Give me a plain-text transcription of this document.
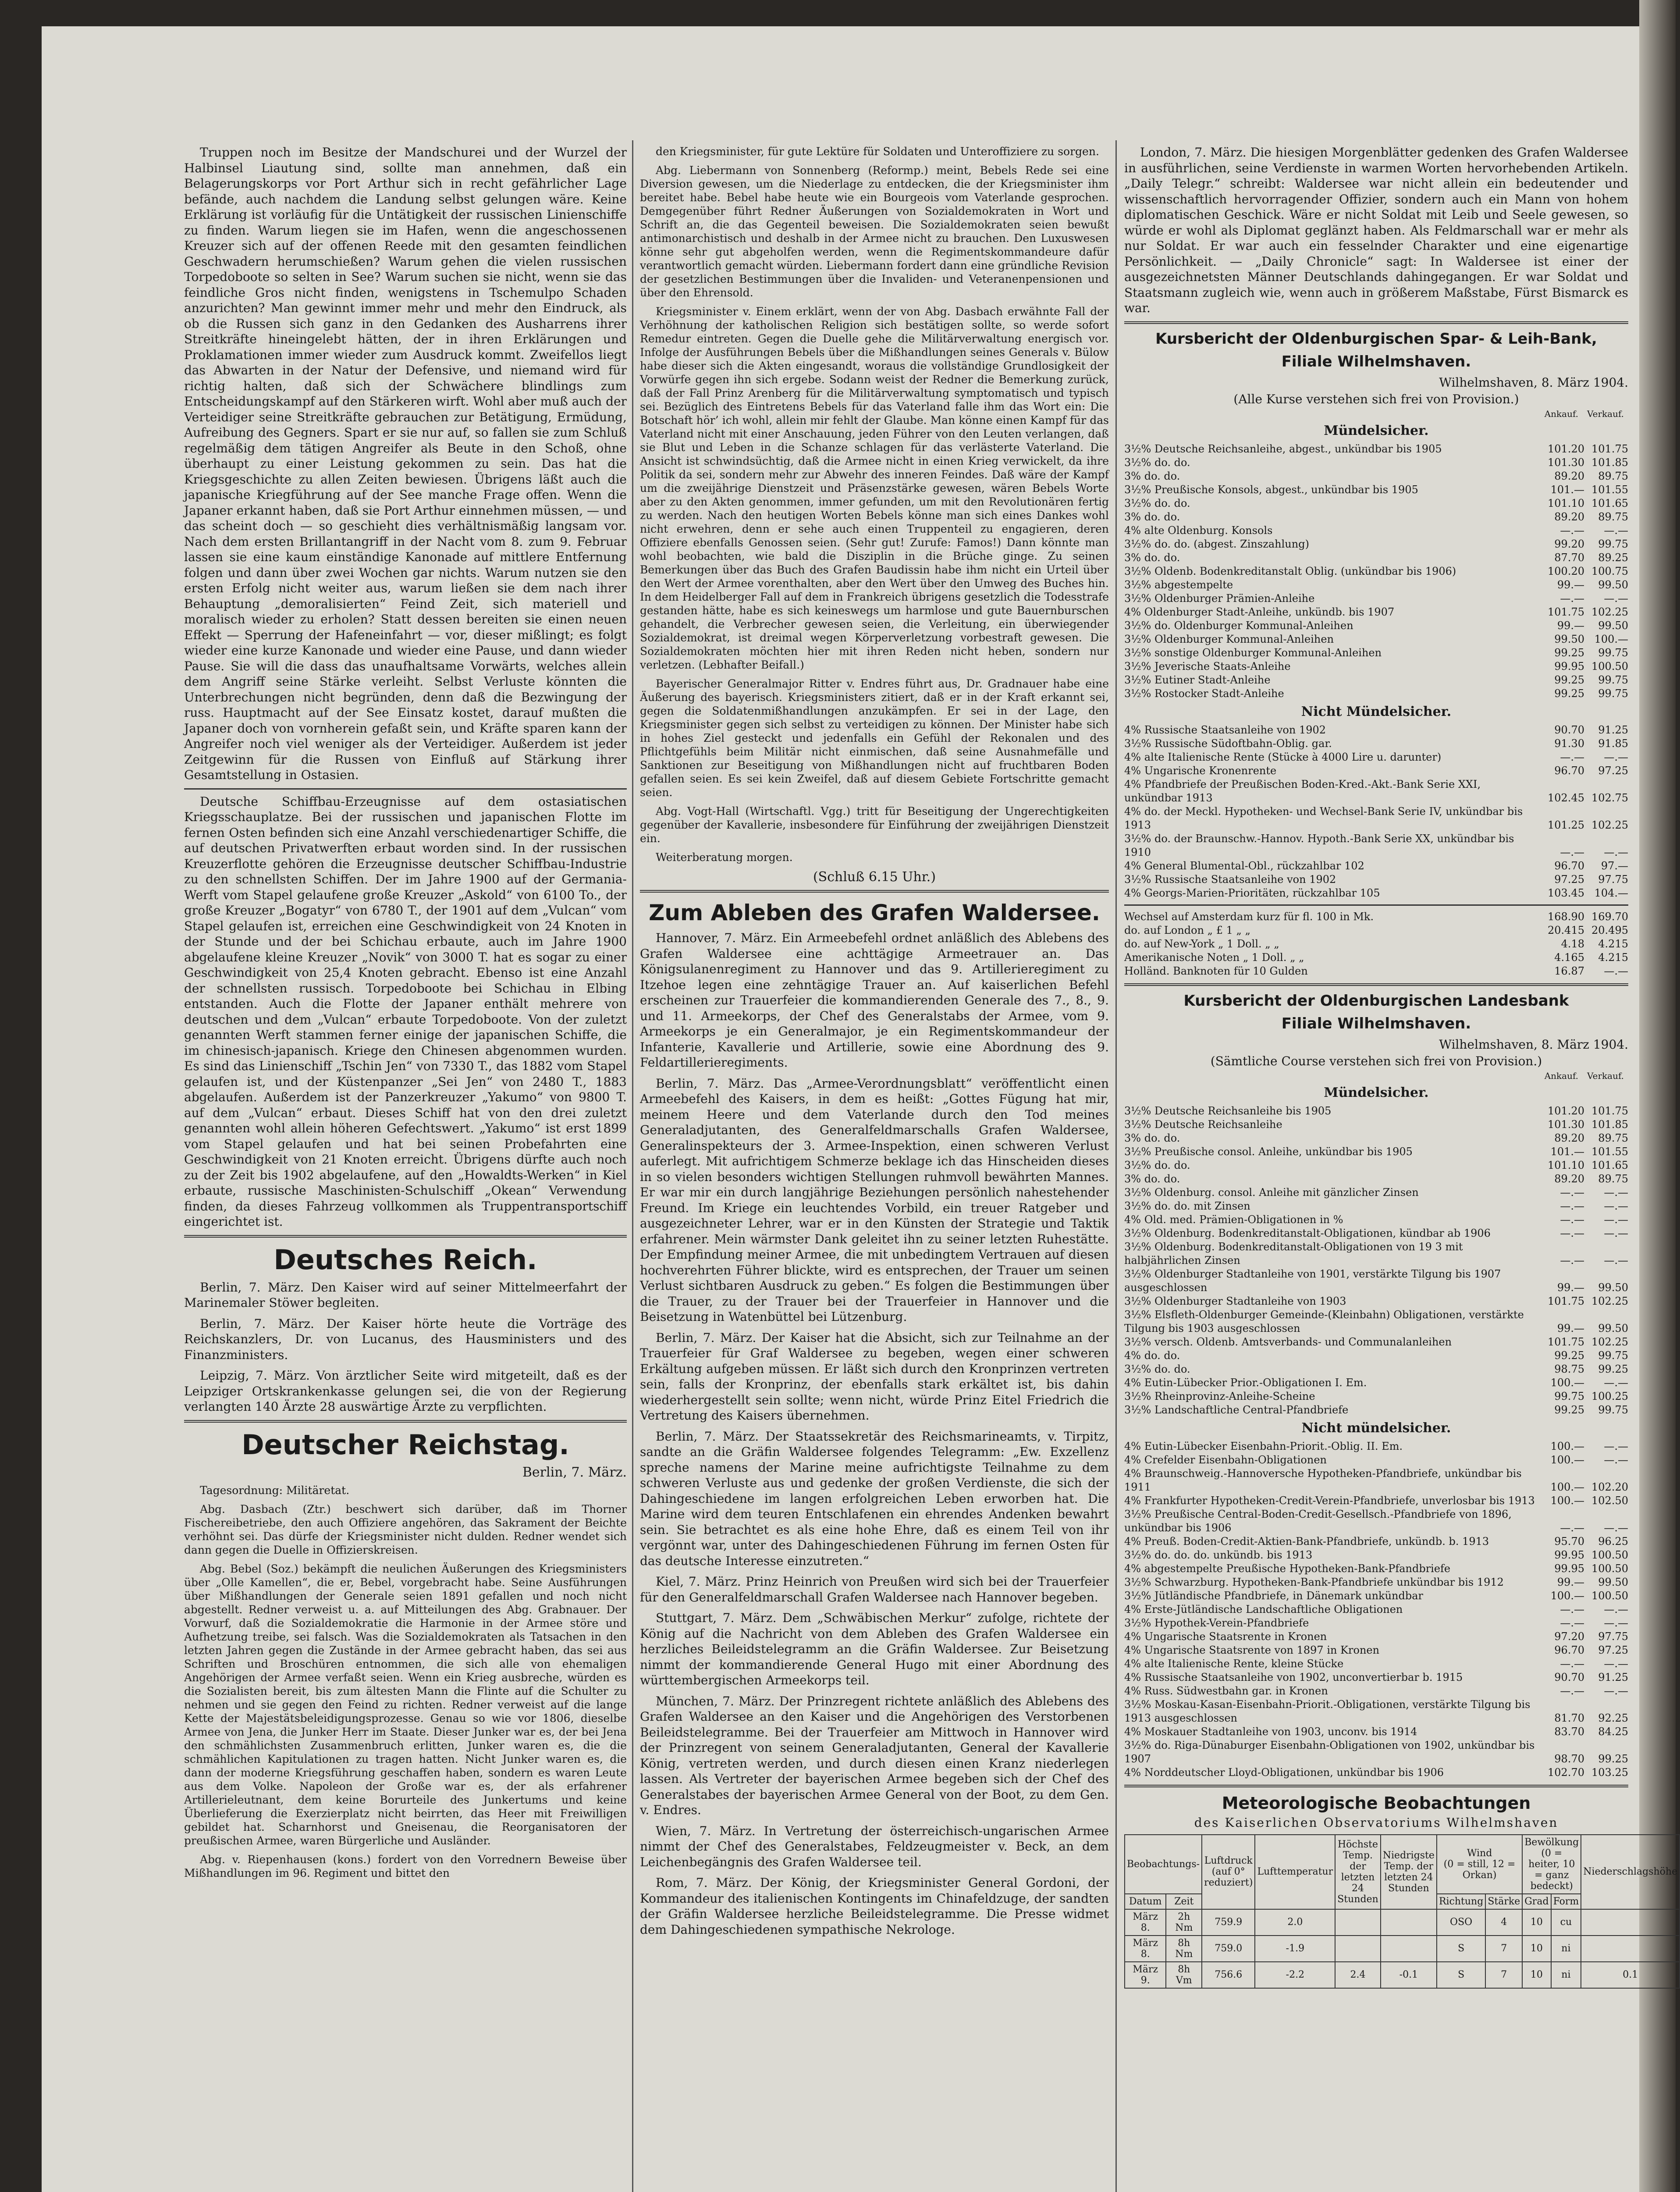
Truppen noch im Besitze der Mandschurei und der Wurzel der Halbinsel Liautung sind, sollte man annehmen, daß ein Belagerungskorps vor Port Arthur sich in recht gefährlicher Lage befände, auch nachdem die Landung selbst gelungen wäre. Keine Erklärung ist vorläufig für die Untätigkeit der russischen Linienschiffe zu finden. Warum liegen sie im Hafen, wenn die angeschossenen Kreuzer sich auf der offenen Reede mit den gesamten feindlichen Geschwadern herumschießen? Warum gehen die vielen russischen Torpedoboote so selten in See? Warum suchen sie nicht, wenn sie das feindliche Gros nicht finden, wenigstens in Tschemulpo Schaden anzurichten? Man gewinnt immer mehr und mehr den Eindruck, als ob die Russen sich ganz in den Gedanken des Ausharrens ihrer Streitkräfte hineingelebt hätten, der in ihren Erklärungen und Proklamationen immer wieder zum Ausdruck kommt. Zweifellos liegt das Abwarten in der Natur der Defensive, und niemand wird für richtig halten, daß sich der Schwächere blindlings zum Entscheidungskampf auf den Stärkeren wirft. Wohl aber muß auch der Verteidiger seine Streitkräfte gebrauchen zur Betätigung, Ermüdung, Aufreibung des Gegners. Spart er sie nur auf, so fallen sie zum Schluß regelmäßig dem tätigen Angreifer als Beute in den Schoß, ohne überhaupt zu einer Leistung gekommen zu sein. Das hat die Kriegsgeschichte zu allen Zeiten bewiesen. Übrigens läßt auch die japanische Kriegführung auf der See manche Frage offen. Wenn die Japaner erkannt haben, daß sie Port Arthur einnehmen müssen, — und das scheint doch — so geschieht dies verhältnismäßig langsam vor. Nach dem ersten Brillantangriff in der Nacht vom 8. zum 9. Februar lassen sie eine kaum einständige Kanonade auf mittlere Entfernung folgen und dann über zwei Wochen gar nichts. Warum nutzen sie den ersten Erfolg nicht weiter aus, warum ließen sie dem nach ihrer Behauptung „demoralisierten“ Feind Zeit, sich materiell und moralisch wieder zu erholen? Statt dessen bereiten sie einen neuen Effekt — Sperrung der Hafeneinfahrt — vor, dieser mißlingt; es folgt wieder eine kurze Kanonade und wieder eine Pause, und dann wieder Pause. Sie will die dass das unaufhaltsame Vorwärts, welches allein dem Angriff seine Stärke verleiht. Selbst Verluste könnten die Unterbrechungen nicht begründen, denn daß die Bezwingung der russ. Hauptmacht auf der See Einsatz kostet, darauf mußten die Japaner doch von vornherein gefaßt sein, und Kräfte sparen kann der Angreifer noch viel weniger als der Verteidiger. Außerdem ist jeder Zeitgewinn für die Russen von Einfluß auf Stärkung ihrer Gesamtstellung in Ostasien.

Deutsche Schiffbau-Erzeugnisse auf dem ostasiatischen Kriegsschauplatze. Bei der russischen und japanischen Flotte im fernen Osten befinden sich eine Anzahl verschiedenartiger Schiffe, die auf deutschen Privatwerften erbaut worden sind. In der russischen Kreuzerflotte gehören die Erzeugnisse deutscher Schiffbau-Industrie zu den schnellsten Schiffen. Der im Jahre 1900 auf der Germania-Werft vom Stapel gelaufene große Kreuzer „Askold“ von 6100 To., der große Kreuzer „Bogatyr“ von 6780 T., der 1901 auf dem „Vulcan“ vom Stapel gelaufen ist, erreichen eine Geschwindigkeit von 24 Knoten in der Stunde und der bei Schichau erbaute, auch im Jahre 1900 abgelaufene kleine Kreuzer „Novik“ von 3000 T. hat es sogar zu einer Geschwindigkeit von 25,4 Knoten gebracht. Ebenso ist eine Anzahl der schnellsten russisch. Torpedoboote bei Schichau in Elbing entstanden. Auch die Flotte der Japaner enthält mehrere von deutschen und dem „Vulcan“ erbaute Torpedoboote. Von der zuletzt genannten Werft stammen ferner einige der japanischen Schiffe, die im chinesisch-japanisch. Kriege den Chinesen abgenommen wurden. Es sind das Linienschiff „Tschin Jen“ von 7330 T., das 1882 vom Stapel gelaufen ist, und der Küstenpanzer „Sei Jen“ von 2480 T., 1883 abgelaufen. Außerdem ist der Panzerkreuzer „Yakumo“ von 9800 T. auf dem „Vulcan“ erbaut. Dieses Schiff hat von den drei zuletzt genannten wohl allein höheren Gefechtswert. „Yakumo“ ist erst 1899 vom Stapel gelaufen und hat bei seinen Probefahrten eine Geschwindigkeit von 21 Knoten erreicht. Übrigens dürfte auch noch zu der Zeit bis 1902 abgelaufene, auf den „Howaldts-Werken“ in Kiel erbaute, russische Maschinisten-Schulschiff „Okean“ Verwendung finden, da dieses Fahrzeug vollkommen als Truppentransportschiff eingerichtet ist.

Deutsches Reich.

Berlin, 7. März. Den Kaiser wird auf seiner Mittelmeerfahrt der Marinemaler Stöwer begleiten.

Berlin, 7. März. Der Kaiser hörte heute die Vorträge des Reichskanzlers, Dr. von Lucanus, des Hausministers und des Finanzministers.

Leipzig, 7. März. Von ärztlicher Seite wird mitgeteilt, daß es der Leipziger Ortskrankenkasse gelungen sei, die von der Regierung verlangten 140 Ärzte 28 auswärtige Ärzte zu verpflichten.

Deutscher Reichstag.
Berlin, 7. März.

Tagesordnung: Militäretat.

Abg. Dasbach (Ztr.) beschwert sich darüber, daß im Thorner Fischereibetriebe, den auch Offiziere angehören, das Sakrament der Beichte verhöhnt sei. Das dürfe der Kriegsminister nicht dulden. Redner wendet sich dann gegen die Duelle in Offizierskreisen.

Abg. Bebel (Soz.) bekämpft die neulichen Äußerungen des Kriegsministers über „Olle Kamellen“, die er, Bebel, vorgebracht habe. Seine Ausführungen über Mißhandlungen der Generale seien 1891 gefallen und noch nicht abgestellt. Redner verweist u. a. auf Mitteilungen des Abg. Grabnauer. Der Vorwurf, daß die Sozialdemokratie die Harmonie in der Armee störe und Aufhetzung treibe, sei falsch. Was die Sozialdemokraten als Tatsachen in den letzten Jahren gegen die Zustände in der Armee gebracht haben, das sei aus Schriften und Broschüren entnommen, die sich alle von ehemaligen Angehörigen der Armee verfaßt seien. Wenn ein Krieg ausbreche, würden es die Sozialisten bereit, bis zum ältesten Mann die Flinte auf die Schulter zu nehmen und sie gegen den Feind zu richten. Redner verweist auf die lange Kette der Majestätsbeleidigungsprozesse. Genau so wie vor 1806, dieselbe Armee von Jena, die Junker Herr im Staate. Dieser Junker war es, der bei Jena den schmählichsten Zusammenbruch erlitten, Junker waren es, die die schmählichen Kapitulationen zu tragen hatten. Nicht Junker waren es, die dann der moderne Kriegsführung geschaffen haben, sondern es waren Leute aus dem Volke. Napoleon der Große war es, der als erfahrener Artillerieleutnant, dem keine Borurteile des Junkertums und keine Überlieferung die Exerzierplatz nicht beirrten, das Heer mit Freiwilligen gebildet hat. Scharnhorst und Gneisenau, die Reorganisatoren der preußischen Armee, waren Bürgerliche und Ausländer.

Abg. v. Riepenhausen (kons.) fordert von den Vorrednern Beweise über Mißhandlungen im 96. Regiment und bittet den

den Kriegsminister, für gute Lektüre für Soldaten und Unteroffiziere zu sorgen.

Abg. Liebermann von Sonnenberg (Reformp.) meint, Bebels Rede sei eine Diversion gewesen, um die Niederlage zu entdecken, die der Kriegsminister ihm bereitet habe. Bebel habe heute wie ein Bourgeois vom Vaterlande gesprochen. Demgegenüber führt Redner Äußerungen von Sozialdemokraten in Wort und Schrift an, die das Gegenteil beweisen. Die Sozialdemokraten seien bewußt antimonarchistisch und deshalb in der Armee nicht zu brauchen. Den Luxuswesen könne sehr gut abgeholfen werden, wenn die Regimentskommandeure dafür verantwortlich gemacht würden. Liebermann fordert dann eine gründliche Revision der gesetzlichen Bestimmungen über die Invaliden- und Veteranenpensionen und über den Ehrensold.

Kriegsminister v. Einem erklärt, wenn der von Abg. Dasbach erwähnte Fall der Verhöhnung der katholischen Religion sich bestätigen sollte, so werde sofort Remedur eintreten. Gegen die Duelle gehe die Militärverwaltung energisch vor. Infolge der Ausführungen Bebels über die Mißhandlungen seines Generals v. Bülow habe dieser sich die Akten eingesandt, woraus die vollständige Grundlosigkeit der Vorwürfe gegen ihn sich ergebe. Sodann weist der Redner die Bemerkung zurück, daß der Fall Prinz Arenberg für die Militärverwaltung symptomatisch und typisch sei. Bezüglich des Eintretens Bebels für das Vaterland falle ihm das Wort ein: Die Botschaft hör’ ich wohl, allein mir fehlt der Glaube. Man könne einen Kampf für das Vaterland nicht mit einer Anschauung, jeden Führer von den Leuten verlangen, daß sie Blut und Leben in die Schanze schlagen für das verlästerte Vaterland. Die Ansicht ist schwindsüchtig, daß die Armee nicht in einen Krieg verwickelt, da ihre Politik da sei, sondern mehr zur Abwehr des inneren Feindes. Daß wäre der Kampf um die zweijährige Dienstzeit und Präsenzstärke gewesen, wären Bebels Worte aber zu den Akten genommen, immer gefunden, um mit den Revolutionären fertig zu werden. Nach den heutigen Worten Bebels könne man sich eines Dankes wohl nicht erwehren, denn er sehe auch einen Truppenteil zu engagieren, deren Offiziere ebenfalls Genossen seien. (Sehr gut! Zurufe: Famos!) Dann könnte man wohl beobachten, wie bald die Disziplin in die Brüche ginge. Zu seinen Bemerkungen über das Buch des Grafen Baudissin habe ihm nicht ein Urteil über den Wert der Armee vorenthalten, aber den Wert über den Umweg des Buches hin. In dem Heidelberger Fall auf dem in Frankreich übrigens gesetzlich die Todesstrafe gestanden hätte, habe es sich keineswegs um harmlose und gute Bauernburschen gehandelt, die Verbrecher gewesen seien, die Verleitung, ein überwiegender Sozialdemokrat, ist dreimal wegen Körperverletzung vorbestraft gewesen. Die Sozialdemokraten möchten hier mit ihren Reden nicht heben, sondern nur verletzen. (Lebhafter Beifall.)

Bayerischer Generalmajor Ritter v. Endres führt aus, Dr. Gradnauer habe eine Äußerung des bayerisch. Kriegsministers zitiert, daß er in der Kraft erkannt sei, gegen die Soldatenmißhandlungen anzukämpfen. Er sei in der Lage, den Kriegsminister gegen sich selbst zu verteidigen zu können. Der Minister habe sich in hohes Ziel gesteckt und jedenfalls ein Gefühl der Rekonalen und des Pflichtgefühls beim Militär nicht einmischen, daß seine Ausnahmefälle und Sanktionen zur Beseitigung von Mißhandlungen nicht auf fruchtbaren Boden gefallen seien. Es sei kein Zweifel, daß auf diesem Gebiete Fortschritte gemacht seien.

Abg. Vogt-Hall (Wirtschaftl. Vgg.) tritt für Beseitigung der Ungerechtigkeiten gegenüber der Kavallerie, insbesondere für Einführung der zweijährigen Dienstzeit ein.

Weiterberatung morgen.

(Schluß 6.15 Uhr.)
Zum Ableben des Grafen Waldersee.

Hannover, 7. März. Ein Armeebefehl ordnet anläßlich des Ablebens des Grafen Waldersee eine achttägige Armeetrauer an. Das Königsulanenregiment zu Hannover und das 9. Artillerieregiment zu Itzehoe legen eine zehntägige Trauer an. Auf kaiserlichen Befehl erscheinen zur Trauerfeier die kommandierenden Generale des 7., 8., 9. und 11. Armeekorps, der Chef des Generalstabs der Armee, vom 9. Armeekorps je ein Generalmajor, je ein Regimentskommandeur der Infanterie, Kavallerie und Artillerie, sowie eine Abordnung des 9. Feldartillerieregiments.

Berlin, 7. März. Das „Armee-Verordnungsblatt“ veröffentlicht einen Armeebefehl des Kaisers, in dem es heißt: „Gottes Fügung hat mir, meinem Heere und dem Vaterlande durch den Tod meines Generaladjutanten, des Generalfeldmarschalls Grafen Waldersee, Generalinspekteurs der 3. Armee-Inspektion, einen schweren Verlust auferlegt. Mit aufrichtigem Schmerze beklage ich das Hinscheiden dieses in so vielen besonders wichtigen Stellungen ruhmvoll bewährten Mannes. Er war mir ein durch langjährige Beziehungen persönlich nahestehender Freund. Im Kriege ein leuchtendes Vorbild, ein treuer Ratgeber und ausgezeichneter Lehrer, war er in den Künsten der Strategie und Taktik erfahrener. Mein wärmster Dank geleitet ihn zu seiner letzten Ruhestätte. Der Empfindung meiner Armee, die mit unbedingtem Vertrauen auf diesen hochverehrten Führer blickte, wird es entsprechen, der Trauer um seinen Verlust sichtbaren Ausdruck zu geben.“ Es folgen die Bestimmungen über die Trauer, zu der Trauer bei der Trauerfeier in Hannover und die Beisetzung in Watenbüttel bei Lützenburg.

Berlin, 7. März. Der Kaiser hat die Absicht, sich zur Teilnahme an der Trauerfeier für Graf Waldersee zu begeben, wegen einer schweren Erkältung aufgeben müssen. Er läßt sich durch den Kronprinzen vertreten sein, falls der Kronprinz, der ebenfalls stark erkältet ist, bis dahin wiederhergestellt sein sollte; wenn nicht, würde Prinz Eitel Friedrich die Vertretung des Kaisers übernehmen.

Berlin, 7. März. Der Staatssekretär des Reichsmarineamts, v. Tirpitz, sandte an die Gräfin Waldersee folgendes Telegramm: „Ew. Exzellenz spreche namens der Marine meine aufrichtigste Teilnahme zu dem schweren Verluste aus und gedenke der großen Verdienste, die sich der Dahingeschiedene im langen erfolgreichen Leben erworben hat. Die Marine wird dem teuren Entschlafenen ein ehrendes Andenken bewahrt sein. Sie betrachtet es als eine hohe Ehre, daß es einem Teil von ihr vergönnt war, unter des Dahingeschiedenen Führung im fernen Osten für das deutsche Interesse einzutreten.“

Kiel, 7. März. Prinz Heinrich von Preußen wird sich bei der Trauerfeier für den Generalfeldmarschall Grafen Waldersee nach Hannover begeben.

Stuttgart, 7. März. Dem „Schwäbischen Merkur“ zufolge, richtete der König auf die Nachricht von dem Ableben des Grafen Waldersee ein herzliches Beileidstelegramm an die Gräfin Waldersee. Zur Beisetzung nimmt der kommandierende General Hugo mit einer Abordnung des württembergischen Armeekorps teil.

München, 7. März. Der Prinzregent richtete anläßlich des Ablebens des Grafen Waldersee an den Kaiser und die Angehörigen des Verstorbenen Beileidstelegramme. Bei der Trauerfeier am Mittwoch in Hannover wird der Prinzregent von seinem Generaladjutanten, General der Kavallerie König, vertreten werden, und durch diesen einen Kranz niederlegen lassen. Als Vertreter der bayerischen Armee begeben sich der Chef des Generalstabes der bayerischen Armee General von der Boot, zu dem Gen. v. Endres.

Wien, 7. März. In Vertretung der österreichisch-ungarischen Armee nimmt der Chef des Generalstabes, Feldzeugmeister v. Beck, an dem Leichenbegängnis des Grafen Waldersee teil.

Rom, 7. März. Der König, der Kriegsminister General Gordoni, der Kommandeur des italienischen Kontingents im Chinafeldzuge, der sandten der Gräfin Waldersee herzliche Beileidstelegramme. Die Presse widmet dem Dahingeschiedenen sympathische Nekrologe.

London, 7. März. Die hiesigen Morgenblätter gedenken des Grafen Waldersee in ausführlichen, seine Verdienste in warmen Worten hervorhebenden Artikeln. „Daily Telegr.“ schreibt: Waldersee war nicht allein ein bedeutender und wissenschaftlich hervorragender Offizier, sondern auch ein Mann von hohem diplomatischen Geschick. Wäre er nicht Soldat mit Leib und Seele gewesen, so würde er wohl als Diplomat geglänzt haben. Als Feldmarschall war er mehr als nur Soldat. Er war auch ein fesselnder Charakter und eine eigenartige Persönlichkeit. — „Daily Chronicle“ sagt: In Waldersee ist einer der ausgezeichnetsten Männer Deutschlands dahingegangen. Er war Soldat und Staatsmann zugleich wie, wenn auch in größerem Maßstabe, Fürst Bismarck es war.

Kursbericht der Oldenburgischen Spar- & Leih-Bank,
Filiale Wilhelmshaven.
Wilhelmshaven, 8. März 1904.
(Alle Kurse verstehen sich frei von Provision.)
Ankauf. Verkauf.
Mündelsicher.
3½% Deutsche Reichsanleihe, abgest., unkündbar bis 1905	101.20	101.75
3½% do. do.	101.30	101.85
3% do. do.	89.20	89.75
3½% Preußische Konsols, abgest., unkündbar bis 1905	101.—	101.55
3½% do. do.	101.10	101.65
3% do. do.	89.20	89.75
4% alte Oldenburg. Konsols	—.—	—.—
3½% do. do. (abgest. Zinszahlung)	99.20	99.75
3% do. do.	87.70	89.25
3½% Oldenb. Bodenkreditanstalt Oblig. (unkündbar bis 1906)	100.20	100.75
3½% abgestempelte	99.—	99.50
3½% Oldenburger Prämien-Anleihe	—.—	—.—
4% Oldenburger Stadt-Anleihe, unkündb. bis 1907	101.75	102.25
3½% do. Oldenburger Kommunal-Anleihen	99.—	99.50
3½% Oldenburger Kommunal-Anleihen	99.50	100.—
3½% sonstige Oldenburger Kommunal-Anleihen	99.25	99.75
3½% Jeverische Staats-Anleihe	99.95	100.50
3½% Eutiner Stadt-Anleihe	99.25	99.75
3½% Rostocker Stadt-Anleihe	99.25	99.75
Nicht Mündelsicher.
4% Russische Staatsanleihe von 1902	90.70	91.25
3½% Russische Südoftbahn-Oblig. gar.	91.30	91.85
4% alte Italienische Rente (Stücke à 4000 Lire u. darunter)	—.—	—.—
4% Ungarische Kronenrente	96.70	97.25
4% Pfandbriefe der Preußischen Boden-Kred.-Akt.-Bank Serie XXI, unkündbar 1913	102.45	102.75
4% do. der Meckl. Hypotheken- und Wechsel-Bank Serie IV, unkündbar bis 1913	101.25	102.25
3½% do. der Braunschw.-Hannov. Hypoth.-Bank Serie XX, unkündbar bis 1910	—.—	—.—
4% General Blumental-Obl., rückzahlbar 102	96.70	97.—
3½% Russische Staatsanleihe von 1902	97.25	97.75
4% Georgs-Marien-Prioritäten, rückzahlbar 105	103.45	104.—
Wechsel auf Amsterdam kurz für fl. 100 in Mk.	168.90	169.70
do. auf London „ £ 1 „ „	20.415	20.495
do. auf New-York „ 1 Doll. „ „	4.18	4.215
Amerikanische Noten „ 1 Doll. „ „	4.165	4.215
Holländ. Banknoten für 10 Gulden	16.87	—.—
Kursbericht der Oldenburgischen Landesbank
Filiale Wilhelmshaven.
Wilhelmshaven, 8. März 1904.
(Sämtliche Course verstehen sich frei von Provision.)
Ankauf. Verkauf.
Mündelsicher.
3½% Deutsche Reichsanleihe bis 1905	101.20	101.75
3½% Deutsche Reichsanleihe	101.30	101.85
3% do. do.	89.20	89.75
3½% Preußische consol. Anleihe, unkündbar bis 1905	101.—	101.55
3½% do. do.	101.10	101.65
3% do. do.	89.20	89.75
3½% Oldenburg. consol. Anleihe mit gänzlicher Zinsen	—.—	—.—
3½% do. do. mit Zinsen	—.—	—.—
4% Old. med. Prämien-Obligationen in %	—.—	—.—
3½% Oldenburg. Bodenkreditanstalt-Obligationen, kündbar ab 1906	—.—	—.—
3½% Oldenburg. Bodenkreditanstalt-Obligationen von 19 3 mit halbjährlichen Zinsen	—.—	—.—
3½% Oldenburger Stadtanleihe von 1901, verstärkte Tilgung bis 1907 ausgeschlossen	99.—	99.50
3½% Oldenburger Stadtanleihe von 1903	101.75	102.25
3½% Elsfleth-Oldenburger Gemeinde-(Kleinbahn) Obligationen, verstärkte Tilgung bis 1903 ausgeschlossen	99.—	99.50
3½% versch. Oldenb. Amtsverbands- und Communalanleihen	101.75	102.25
4% do. do.	99.25	99.75
3½% do. do.	98.75	99.25
4% Eutin-Lübecker Prior.-Obligationen I. Em.	100.—	—.—
3½% Rheinprovinz-Anleihe-Scheine	99.75	100.25
3½% Landschaftliche Central-Pfandbriefe	99.25	99.75
Nicht mündelsicher.
4% Eutin-Lübecker Eisenbahn-Priorit.-Oblig. II. Em.	100.—	—.—
4% Crefelder Eisenbahn-Obligationen	100.—	—.—
4% Braunschweig.-Hannoversche Hypotheken-Pfandbriefe, unkündbar bis 1911	100.—	102.20
4% Frankfurter Hypotheken-Credit-Verein-Pfandbriefe, unverlosbar bis 1913	100.—	102.50
3½% Preußische Central-Boden-Credit-Gesellsch.-Pfandbriefe von 1896, unkündbar bis 1906	—.—	—.—
4% Preuß. Boden-Credit-Aktien-Bank-Pfandbriefe, unkündb. b. 1913	95.70	96.25
3½% do. do. do. unkündb. bis 1913	99.95	100.50
4% abgestempelte Preußische Hypotheken-Bank-Pfandbriefe	99.95	100.50
3½% Schwarzburg. Hypotheken-Bank-Pfandbriefe unkündbar bis 1912	99.—	99.50
3½% Jütländische Pfandbriefe, in Dänemark unkündbar	100.—	100.50
4% Erste-Jütländische Landschaftliche Obligationen	—.—	—.—
3½% Hypothek-Verein-Pfandbriefe	—.—	—.—
4% Ungarische Staatsrente in Kronen	97.20	97.75
4% Ungarische Staatsrente von 1897 in Kronen	96.70	97.25
4% alte Italienische Rente, kleine Stücke	—.—	—.—
4% Russische Staatsanleihe von 1902, unconvertierbar b. 1915	90.70	91.25
4% Russ. Südwestbahn gar. in Kronen	—.—	—.—
3½% Moskau-Kasan-Eisenbahn-Priorit.-Obligationen, verstärkte Tilgung bis 1913 ausgeschlossen	81.70	92.25
4% Moskauer Stadtanleihe von 1903, unconv. bis 1914	83.70	84.25
3½% do. Riga-Dünaburger Eisenbahn-Obligationen von 1902, unkündbar bis 1907	98.70	99.25
4% Norddeutscher Lloyd-Obligationen, unkündbar bis 1906	102.70	103.25
Meteorologische Beobachtungen
des Kaiserlichen Observatoriums Wilhelmshaven
Beobachtungs-		Luftdruck (auf 0° reduziert)	Lufttemperatur	Höchste Temp. der letzten 24 Stunden	Niedrigste Temp. der letzten 24 Stunden	Wind
(0 = still, 12 = Orkan)		Bewölkung
(0 = heiter, 10 = ganz bedeckt)		Niederschlagshöhe
Datum	Zeit					Richtung	Stärke	Grad	Form	
März 8.	2h Nm	759.9	2.0			OSO	4	10	cu	
März 8.	8h Nm	759.0	-1.9			S	7	10	ni	
März 9.	8h Vm	756.6	-2.2	2.4	-0.1	S	7	10	ni	0.1
